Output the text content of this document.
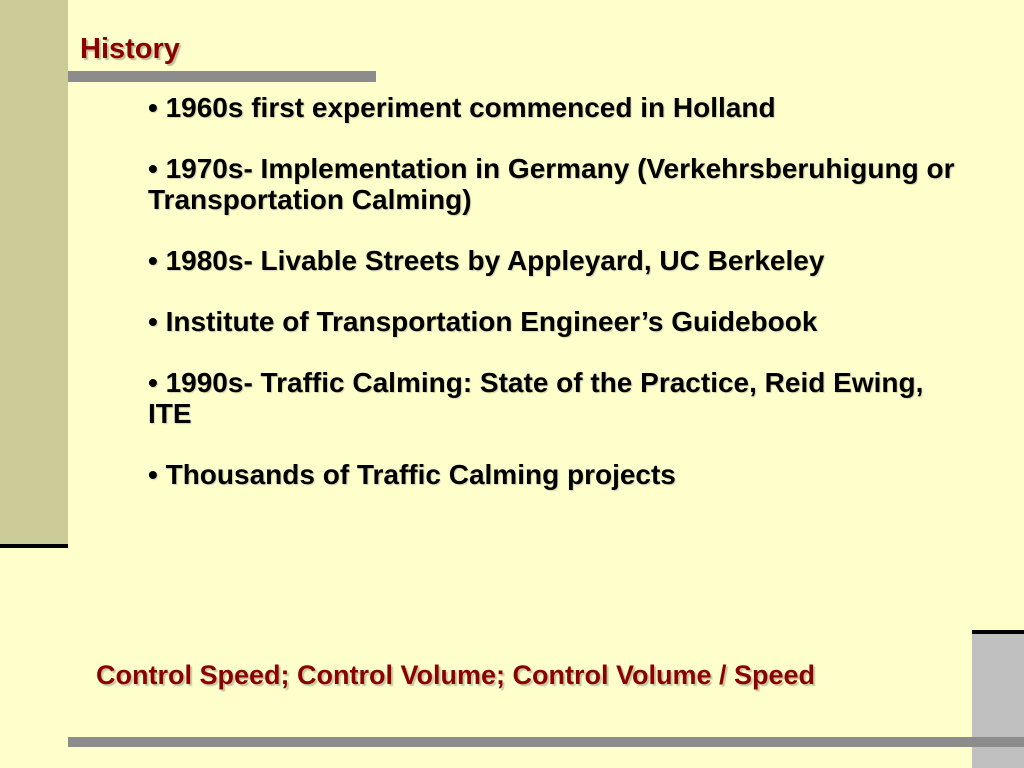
History
• 1960s first experiment commenced in Holland
• 1970s- Implementation in Germany (Verkehrsberuhigung or Transportation Calming)
• 1980s- Livable Streets by Appleyard, UC Berkeley
• Institute of Transportation Engineer’s Guidebook
• 1990s- Traffic Calming: State of the Practice, Reid Ewing, ITE
• Thousands of Traffic Calming projects

Control Speed; Control Volume; Control Volume / Speed
